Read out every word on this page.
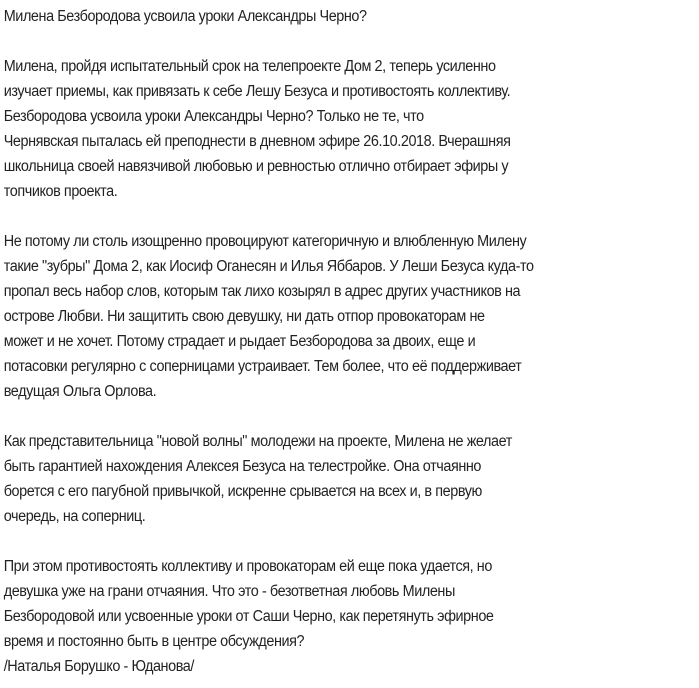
Милена Безбородова усвоила уроки Александры Черно?

Милена, пройдя испытательный срок на телепроекте Дом 2, теперь усиленно
изучает приемы, как привязать к себе Лешу Безуса и противостоять коллективу.
Безбородова усвоила уроки Александры Черно? Только не те, что
Чернявская пыталась ей преподнести в дневном эфире 26.10.2018. Вчерашняя
школьница своей навязчивой любовью и ревностью отлично отбирает эфиры у
топчиков проекта.

Не потому ли столь изощренно провоцируют категоричную и влюбленную Милену
такие "зубры" Дома 2, как Иосиф Оганесян и Илья Яббаров. У Леши Безуса куда-то
пропал весь набор слов, которым так лихо козырял в адрес других участников на
острове Любви. Ни защитить свою девушку, ни дать отпор провокаторам не
может и не хочет. Потому страдает и рыдает Безбородова за двоих, еще и
потасовки регулярно с соперницами устраивает. Тем более, что её поддерживает
ведущая Ольга Орлова.

Как представительница "новой волны" молодежи на проекте, Милена не желает
быть гарантией нахождения Алексея Безуса на телестройке. Она отчаянно
борется с его пагубной привычкой, искренне срывается на всех и, в первую
очередь, на соперниц.

При этом противостоять коллективу и провокаторам ей еще пока удается, но
девушка уже на грани отчаяния. Что это - безответная любовь Милены
Безбородовой или усвоенные уроки от Саши Черно, как перетянуть эфирное
время и постоянно быть в центре обсуждения?
/Наталья Борушко - Юданова/
